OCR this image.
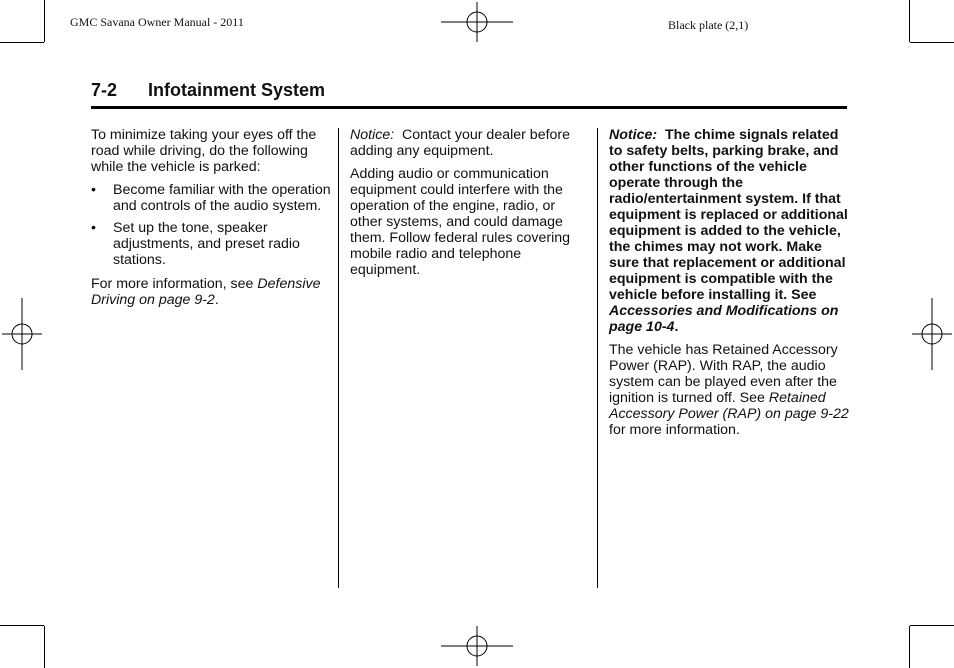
GMC Savana Owner Manual - 2011	Black plate (2,1)
7-2 Infotainment System

To minimize taking your eyes off the road while driving, do the following while the vehicle is parked:

• Become familiar with the operation and controls of the audio system.
• Set up the tone, speaker adjustments, and preset radio stations.

For more information, see Defensive Driving on page 9-2.

Notice: Contact your dealer before adding any equipment.

Adding audio or communication equipment could interfere with the operation of the engine, radio, or other systems, and could damage them. Follow federal rules covering mobile radio and telephone equipment.

Notice: The chime signals related to safety belts, parking brake, and other functions of the vehicle operate through the radio/entertainment system. If that equipment is replaced or additional equipment is added to the vehicle, the chimes may not work. Make sure that replacement or additional equipment is compatible with the vehicle before installing it. See Accessories and Modifications on page 10-4.

The vehicle has Retained Accessory Power (RAP). With RAP, the audio system can be played even after the ignition is turned off. See Retained Accessory Power (RAP) on page 9-22 for more information.
